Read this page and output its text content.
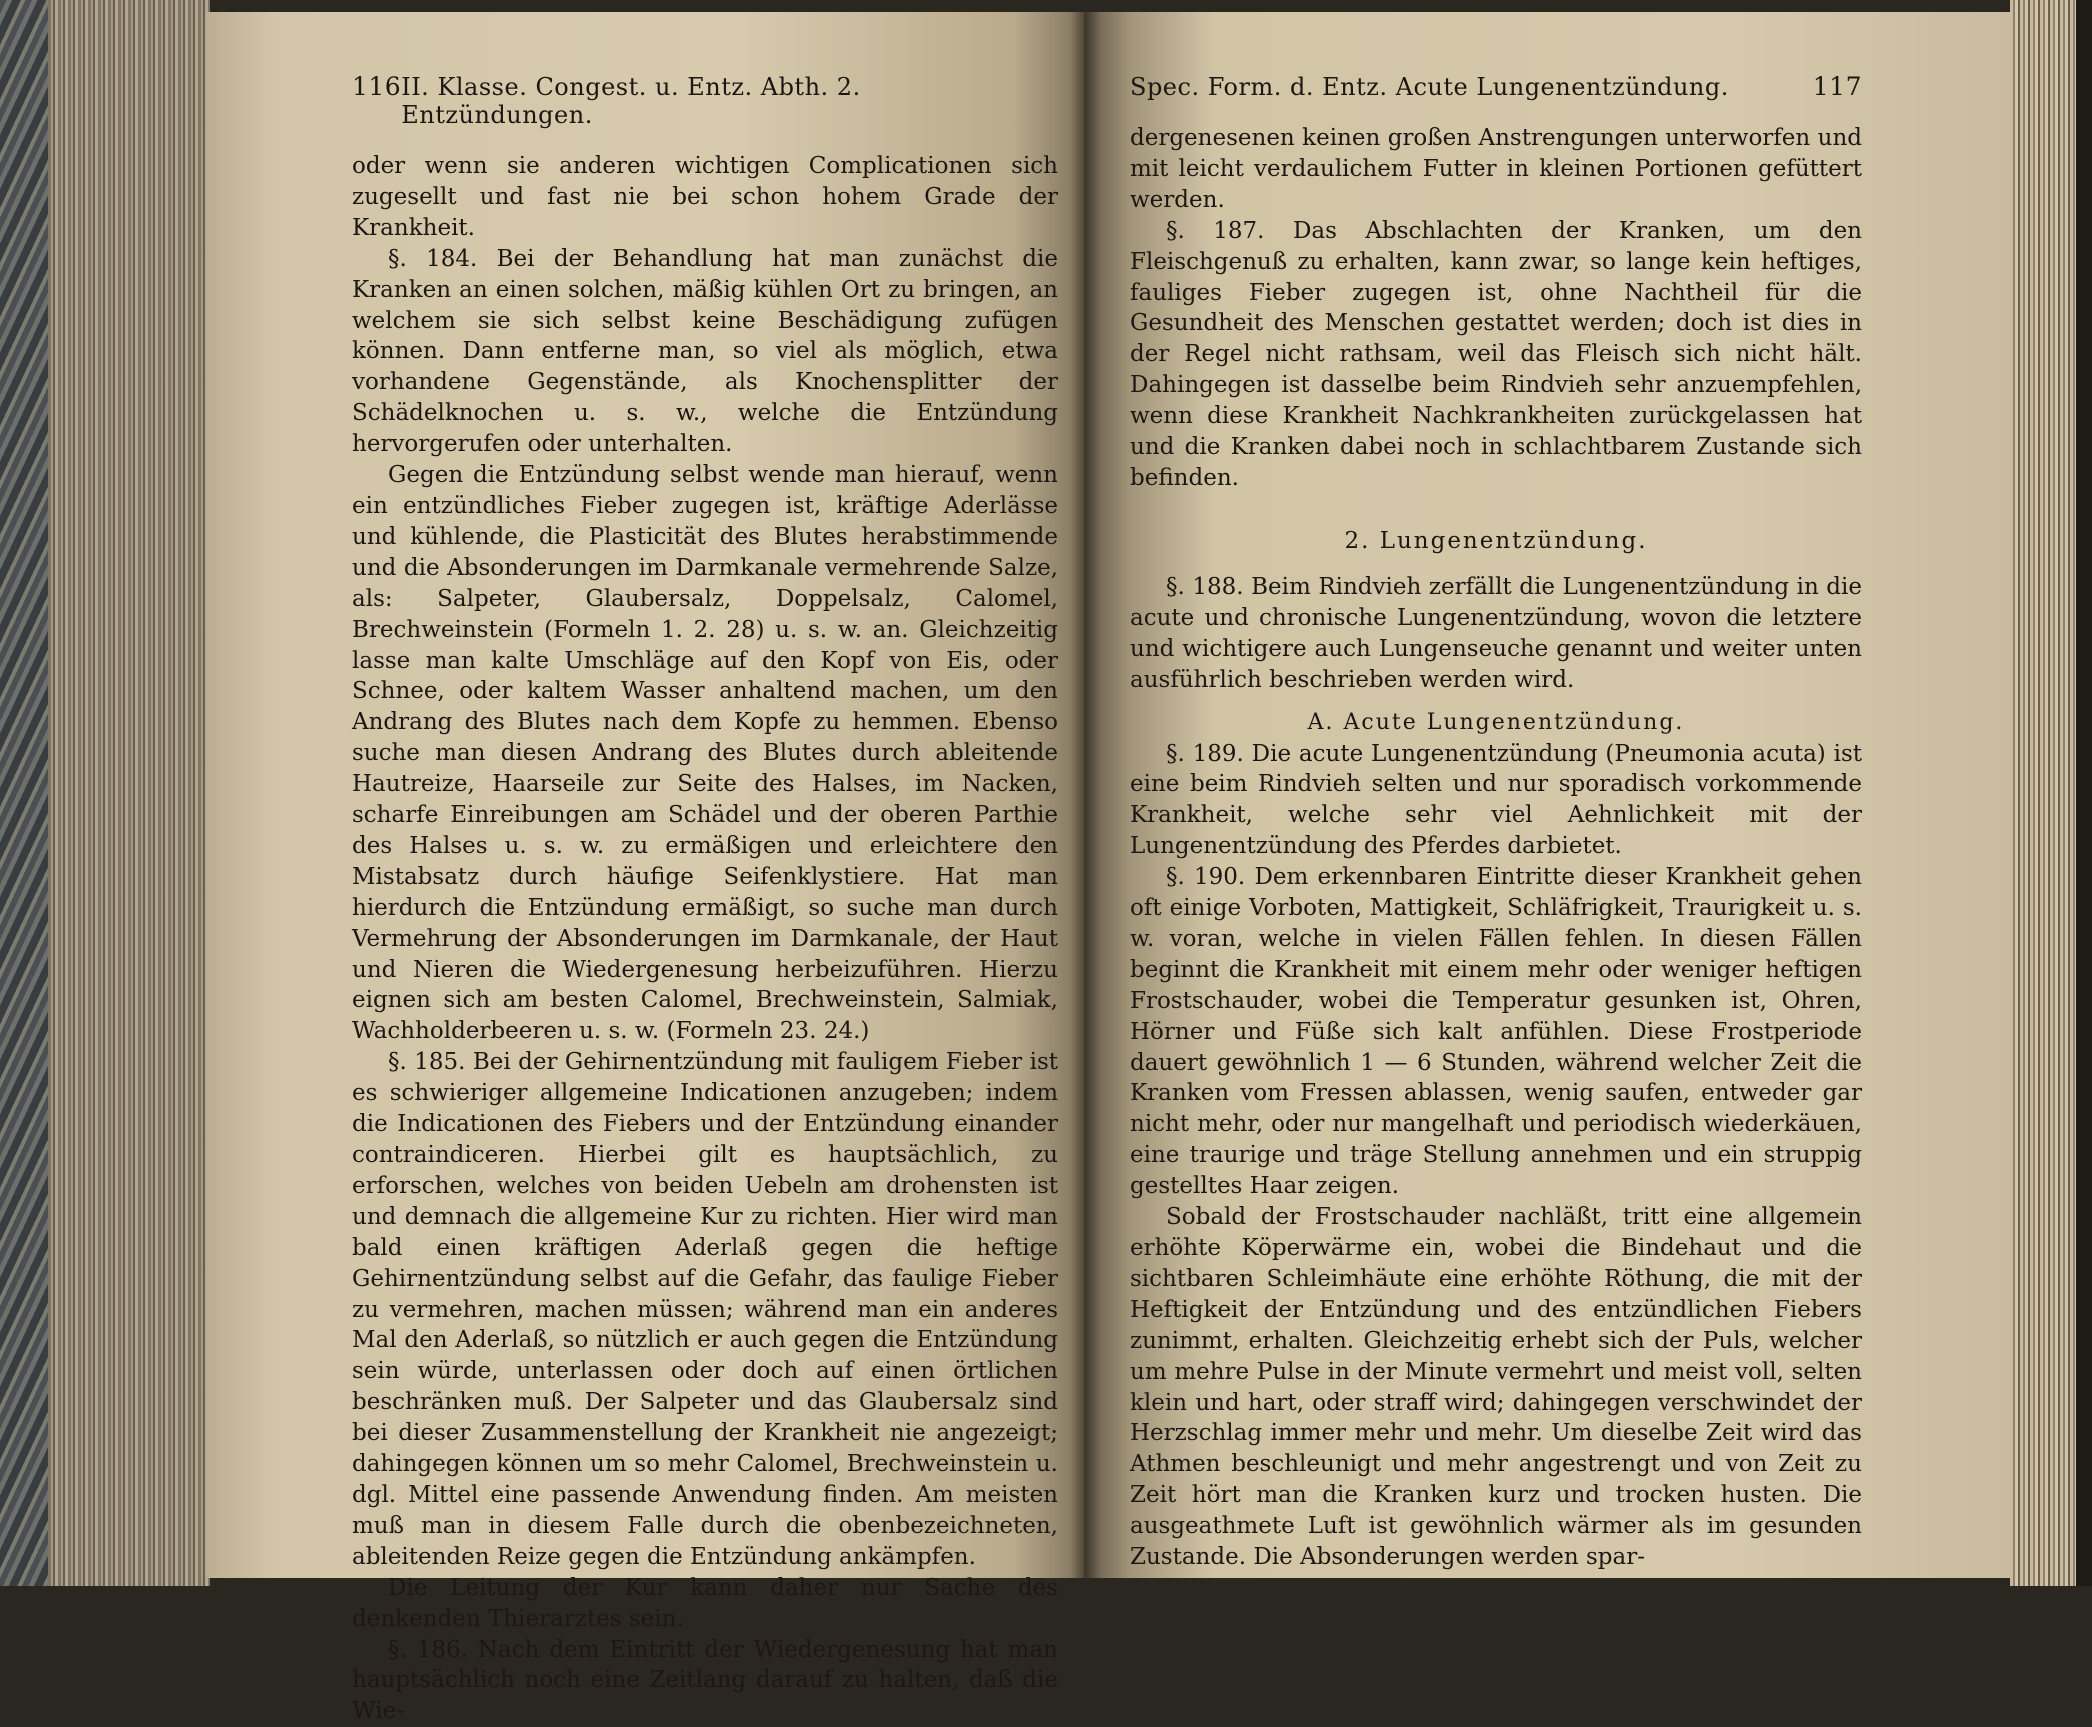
116 II. Klasse. Congest. u. Entz. Abth. 2. Entzündungen.

oder wenn sie anderen wichtigen Complicationen sich zugesellt und fast nie bei schon hohem Grade der Krankheit.

§. 184. Bei der Behandlung hat man zunächst die Kranken an einen solchen, mäßig kühlen Ort zu bringen, an welchem sie sich selbst keine Beschädigung zufügen können. Dann entferne man, so viel als möglich, etwa vorhandene Gegenstände, als Knochensplitter der Schädelknochen u. s. w., welche die Entzündung hervorgerufen oder unterhalten.

Gegen die Entzündung selbst wende man hierauf, wenn ein entzündliches Fieber zugegen ist, kräftige Aderlässe und kühlende, die Plasticität des Blutes herabstimmende und die Absonderungen im Darmkanale vermehrende Salze, als: Salpeter, Glaubersalz, Doppelsalz, Calomel, Brechweinstein (Formeln 1. 2. 28) u. s. w. an. Gleichzeitig lasse man kalte Umschläge auf den Kopf von Eis, oder Schnee, oder kaltem Wasser anhaltend machen, um den Andrang des Blutes nach dem Kopfe zu hemmen. Ebenso suche man diesen Andrang des Blutes durch ableitende Hautreize, Haarseile zur Seite des Halses, im Nacken, scharfe Einreibungen am Schädel und der oberen Parthie des Halses u. s. w. zu ermäßigen und erleichtere den Mistabsatz durch häufige Seifenklystiere. Hat man hierdurch die Entzündung ermäßigt, so suche man durch Vermehrung der Absonderungen im Darmkanale, der Haut und Nieren die Wiedergenesung herbeizuführen. Hierzu eignen sich am besten Calomel, Brechweinstein, Salmiak, Wachholderbeeren u. s. w. (Formeln 23. 24.)

§. 185. Bei der Gehirnentzündung mit fauligem Fieber ist es schwieriger allgemeine Indicationen anzugeben; indem die Indicationen des Fiebers und der Entzündung einander contraindiceren. Hierbei gilt es hauptsächlich, zu erforschen, welches von beiden Uebeln am drohensten ist und demnach die allgemeine Kur zu richten. Hier wird man bald einen kräftigen Aderlaß gegen die heftige Gehirnentzündung selbst auf die Gefahr, das faulige Fieber zu vermehren, machen müssen; während man ein anderes Mal den Aderlaß, so nützlich er auch gegen die Entzündung sein würde, unterlassen oder doch auf einen örtlichen beschränken muß. Der Salpeter und das Glaubersalz sind bei dieser Zusammenstellung der Krankheit nie angezeigt; dahingegen können um so mehr Calomel, Brechweinstein u. dgl. Mittel eine passende Anwendung finden. Am meisten muß man in diesem Falle durch die obenbezeichneten, ableitenden Reize gegen die Entzündung ankämpfen.

Die Leitung der Kur kann daher nur Sache des denkenden Thierarztes sein.

§. 186. Nach dem Eintritt der Wiedergenesung hat man hauptsächlich noch eine Zeitlang darauf zu halten, daß die Wie-

Spec. Form. d. Entz. Acute Lungenentzündung.	117

dergenesenen keinen großen Anstrengungen unterworfen und mit leicht verdaulichem Futter in kleinen Portionen gefüttert werden.

§. 187. Das Abschlachten der Kranken, um den Fleischgenuß zu erhalten, kann zwar, so lange kein heftiges, fauliges Fieber zugegen ist, ohne Nachtheil für die Gesundheit des Menschen gestattet werden; doch ist dies in der Regel nicht rathsam, weil das Fleisch sich nicht hält. Dahingegen ist dasselbe beim Rindvieh sehr anzuempfehlen, wenn diese Krankheit Nachkrankheiten zurückgelassen hat und die Kranken dabei noch in schlachtbarem Zustande sich befinden.

2. Lungenentzündung.

§. 188. Beim Rindvieh zerfällt die Lungenentzündung in die acute und chronische Lungenentzündung, wovon die letztere und wichtigere auch Lungenseuche genannt und weiter unten ausführlich beschrieben werden wird.

A. Acute Lungenentzündung.

§. 189. Die acute Lungenentzündung (Pneumonia acuta) ist eine beim Rindvieh selten und nur sporadisch vorkommende Krankheit, welche sehr viel Aehnlichkeit mit der Lungenentzündung des Pferdes darbietet.

§. 190. Dem erkennbaren Eintritte dieser Krankheit gehen oft einige Vorboten, Mattigkeit, Schläfrigkeit, Traurigkeit u. s. w. voran, welche in vielen Fällen fehlen. In diesen Fällen beginnt die Krankheit mit einem mehr oder weniger heftigen Frostschauder, wobei die Temperatur gesunken ist, Ohren, Hörner und Füße sich kalt anfühlen. Diese Frostperiode dauert gewöhnlich 1 — 6 Stunden, während welcher Zeit die Kranken vom Fressen ablassen, wenig saufen, entweder gar nicht mehr, oder nur mangelhaft und periodisch wiederkäuen, eine traurige und träge Stellung annehmen und ein struppig gestelltes Haar zeigen.

Sobald der Frostschauder nachläßt, tritt eine allgemein erhöhte Köperwärme ein, wobei die Bindehaut und die sichtbaren Schleimhäute eine erhöhte Röthung, die mit der Heftigkeit der Entzündung und des entzündlichen Fiebers zunimmt, erhalten. Gleichzeitig erhebt sich der Puls, welcher um mehre Pulse in der Minute vermehrt und meist voll, selten klein und hart, oder straff wird; dahingegen verschwindet der Herzschlag immer mehr und mehr. Um dieselbe Zeit wird das Athmen beschleunigt und mehr angestrengt und von Zeit zu Zeit hört man die Kranken kurz und trocken husten. Die ausgeathmete Luft ist gewöhnlich wärmer als im gesunden Zustande. Die Absonderungen werden spar-
